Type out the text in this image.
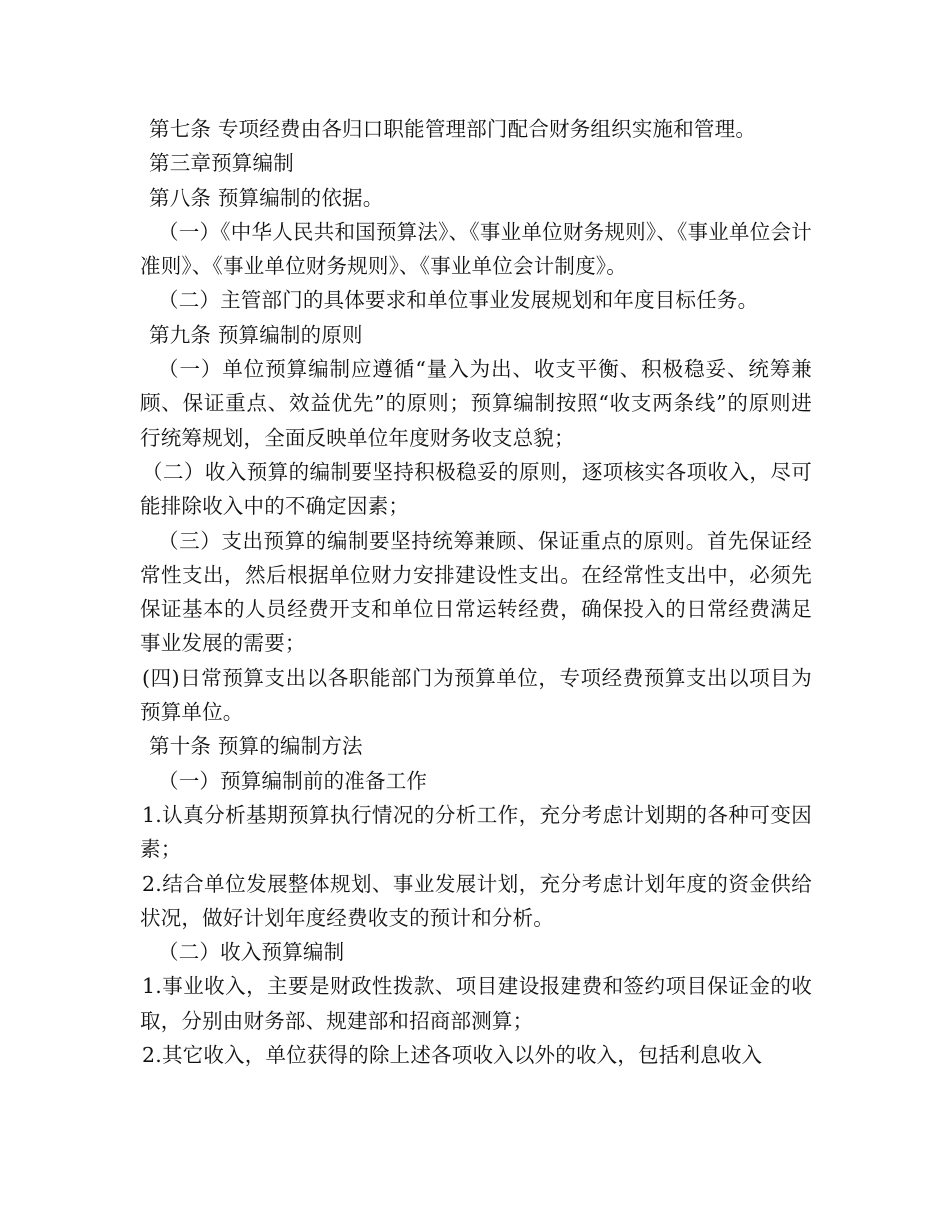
第七条 专项经费由各归口职能管理部门配合财务组织实施和管理。

第三章预算编制

第八条 预算编制的依据。

（一）《中华人民共和国预算法》、《事业单位财务规则》、《事业单位会计准则》、《事业单位财务规则》、《事业单位会计制度》。

（二）主管部门的具体要求和单位事业发展规划和年度目标任务。

第九条 预算编制的原则

（一）单位预算编制应遵循“量入为出、收支平衡、积极稳妥、统筹兼顾、保证重点、效益优先”的原则；预算编制按照“收支两条线”的原则进行统筹规划，全面反映单位年度财务收支总貌；

（二）收入预算的编制要坚持积极稳妥的原则，逐项核实各项收入，尽可能排除收入中的不确定因素；

（三）支出预算的编制要坚持统筹兼顾、保证重点的原则。首先保证经常性支出，然后根据单位财力安排建设性支出。在经常性支出中，必须先保证基本的人员经费开支和单位日常运转经费，确保投入的日常经费满足事业发展的需要；

(四)日常预算支出以各职能部门为预算单位，专项经费预算支出以项目为预算单位。

第十条 预算的编制方法

（一）预算编制前的准备工作

1.认真分析基期预算执行情况的分析工作，充分考虑计划期的各种可变因素；

2.结合单位发展整体规划、事业发展计划，充分考虑计划年度的资金供给状况，做好计划年度经费收支的预计和分析。

（二）收入预算编制

1.事业收入，主要是财政性拨款、项目建设报建费和签约项目保证金的收取，分别由财务部、规建部和招商部测算；

2.其它收入，单位获得的除上述各项收入以外的收入，包括利息收入
